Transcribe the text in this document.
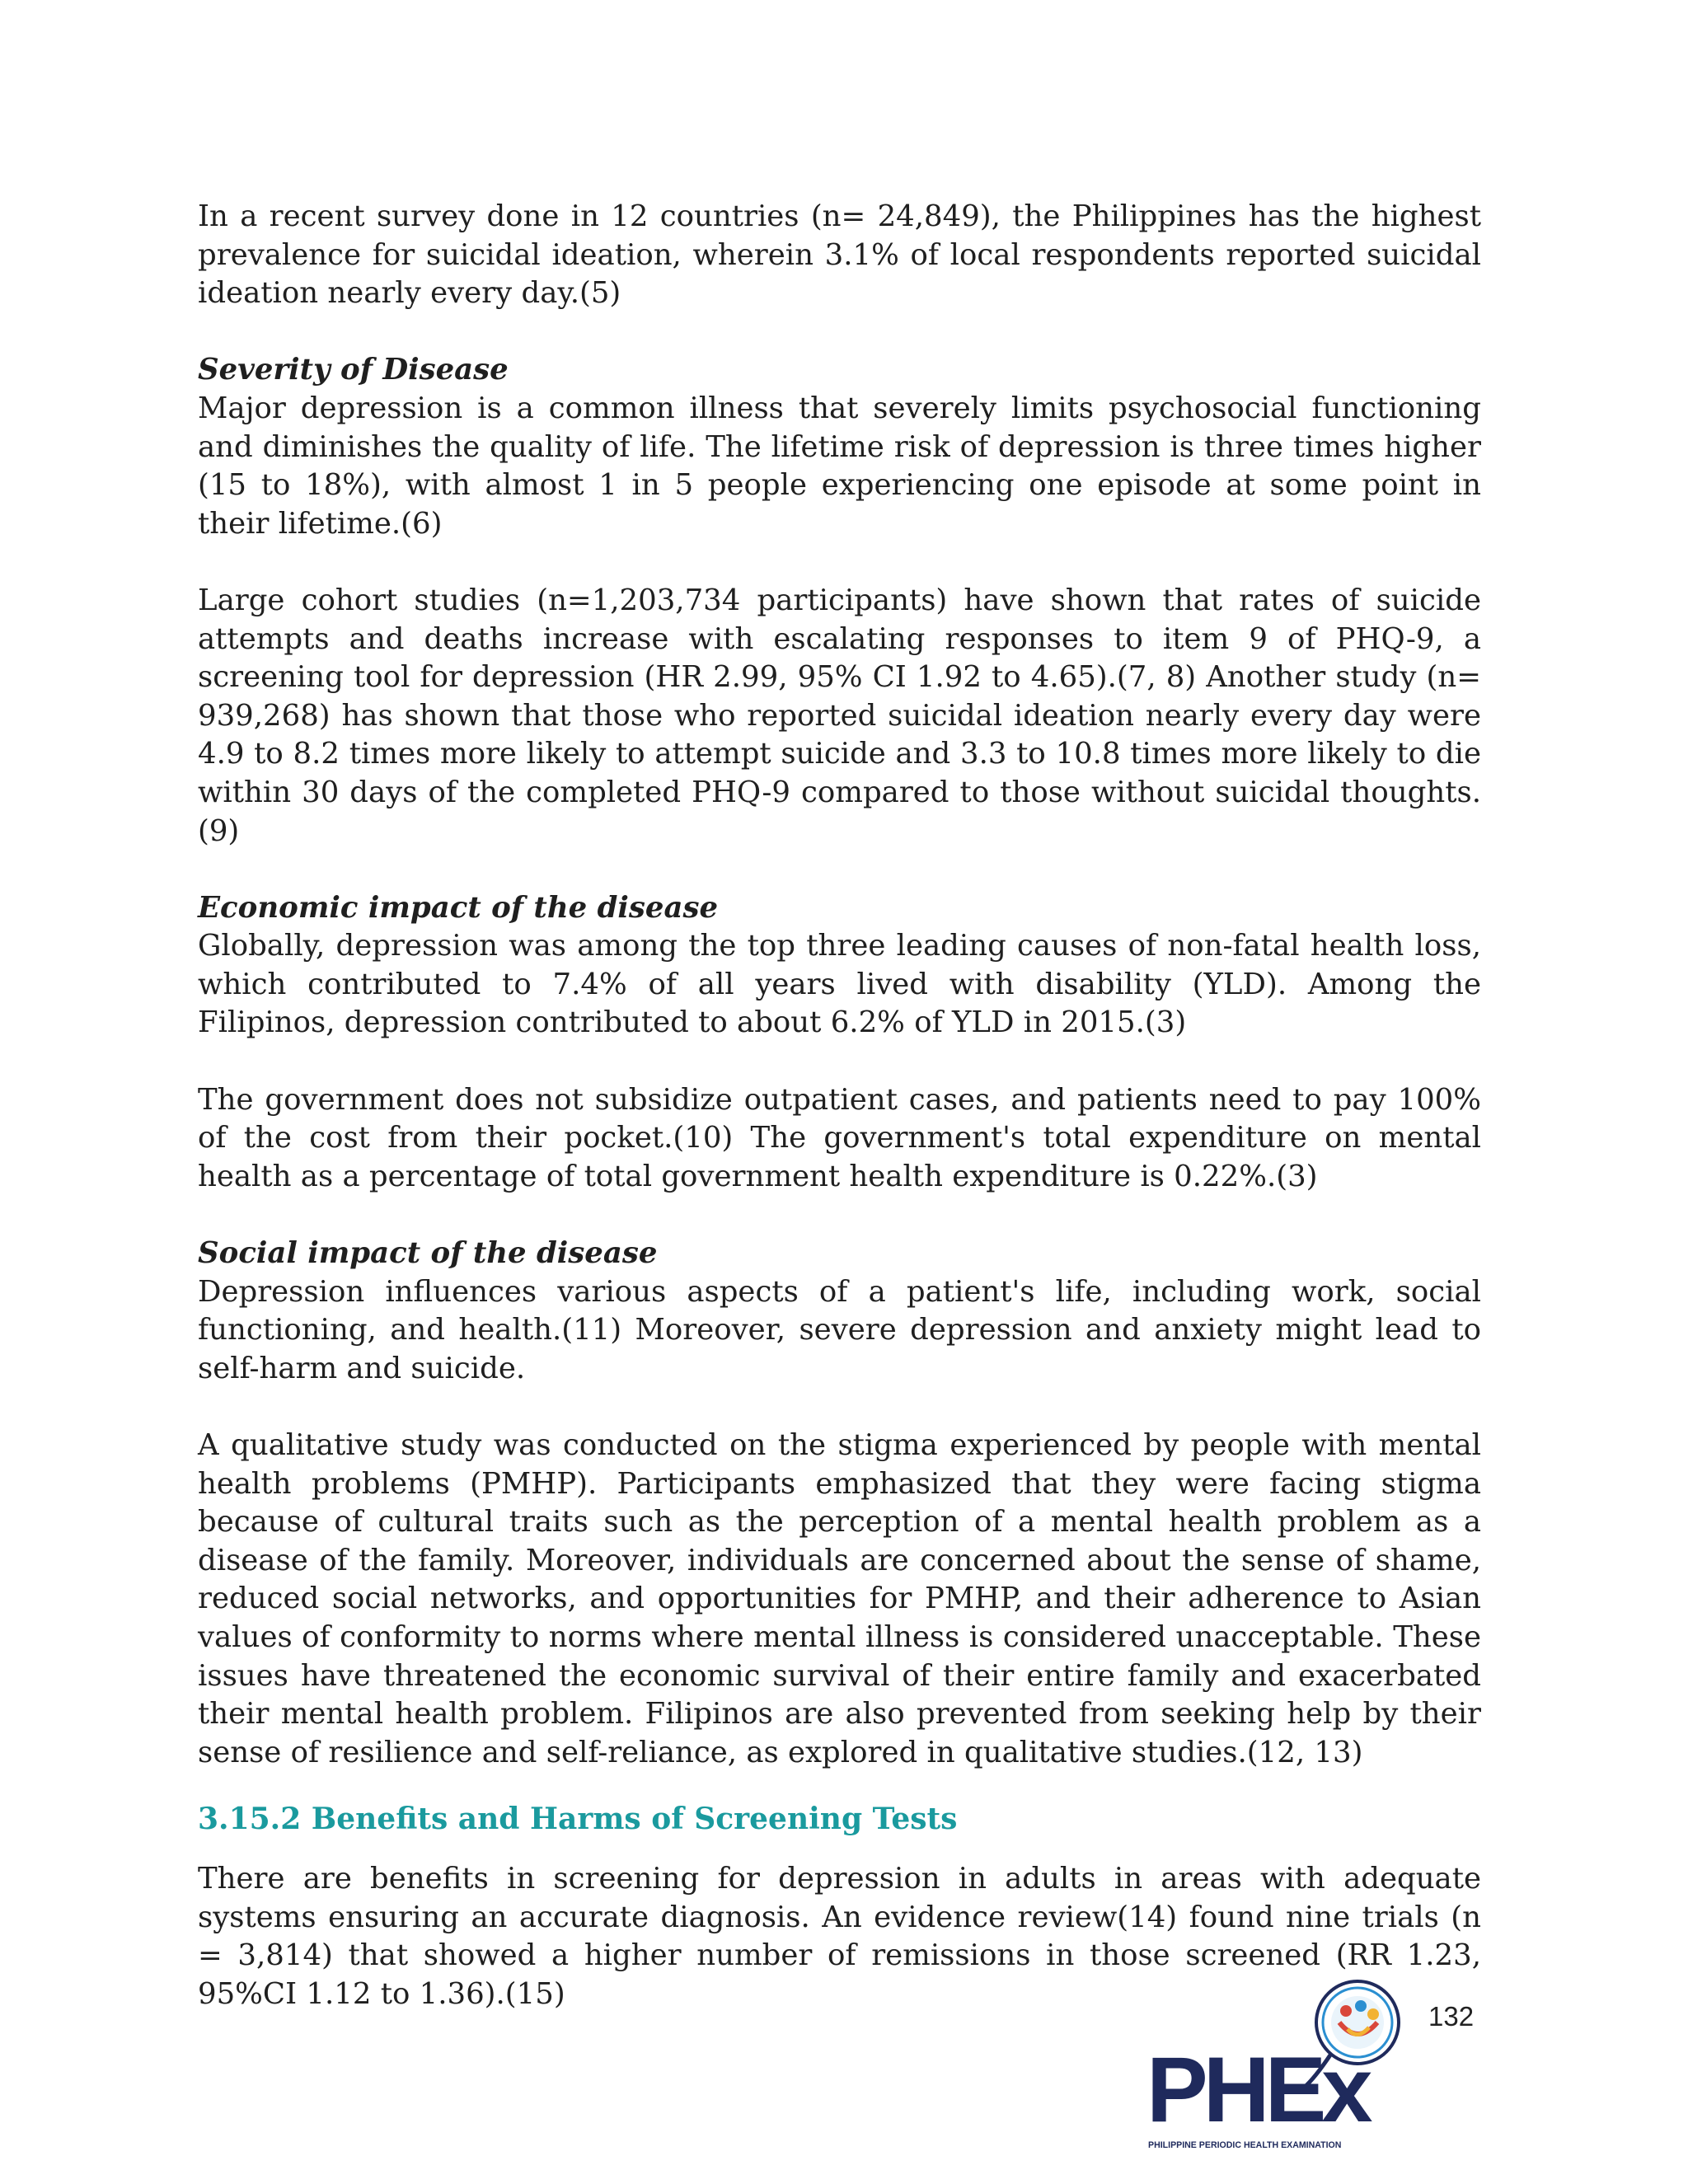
In a recent survey done in 12 countries (n= 24,849), the Philippines has the highest prevalence for suicidal ideation, wherein 3.1% of local respondents reported suicidal ideation nearly every day.(5)

Severity of Disease

Major depression is a common illness that severely limits psychosocial functioning and diminishes the quality of life. The lifetime risk of depression is three times higher (15 to 18%), with almost 1 in 5 people experiencing one episode at some point in their lifetime.(6)

Large cohort studies (n=1,203,734 participants) have shown that rates of suicide attempts and deaths increase with escalating responses to item 9 of PHQ-9, a screening tool for depression (HR 2.99, 95% CI 1.92 to 4.65).(7, 8) Another study (n= 939,268) has shown that those who reported suicidal ideation nearly every day were 4.9 to 8.2 times more likely to attempt suicide and 3.3 to 10.8 times more likely to die within 30 days of the completed PHQ-9 compared to those without suicidal thoughts.(9)

Economic impact of the disease

Globally, depression was among the top three leading causes of non-fatal health loss, which contributed to 7.4% of all years lived with disability (YLD). Among the Filipinos, depression contributed to about 6.2% of YLD in 2015.(3)

The government does not subsidize outpatient cases, and patients need to pay 100% of the cost from their pocket.(10) The government's total expenditure on mental health as a percentage of total government health expenditure is 0.22%.(3)

Social impact of the disease

Depression influences various aspects of a patient's life, including work, social functioning, and health.(11) Moreover, severe depression and anxiety might lead to self-harm and suicide.

A qualitative study was conducted on the stigma experienced by people with mental health problems (PMHP). Participants emphasized that they were facing stigma because of cultural traits such as the perception of a mental health problem as a disease of the family. Moreover, individuals are concerned about the sense of shame, reduced social networks, and opportunities for PMHP, and their adherence to Asian values of conformity to norms where mental illness is considered unacceptable. These issues have threatened the economic survival of their entire family and exacerbated their mental health problem. Filipinos are also prevented from seeking help by their sense of resilience and self-reliance, as explored in qualitative studies.(12, 13)

3.15.2 Benefits and Harms of Screening Tests

There are benefits in screening for depression in adults in areas with adequate systems ensuring an accurate diagnosis. An evidence review(14) found nine trials (n = 3,814) that showed a higher number of remissions in those screened (RR 1.23, 95%CI 1.12 to 1.36).(15)

132
PHEx
PHILIPPINE PERIODIC HEALTH EXAMINATION
